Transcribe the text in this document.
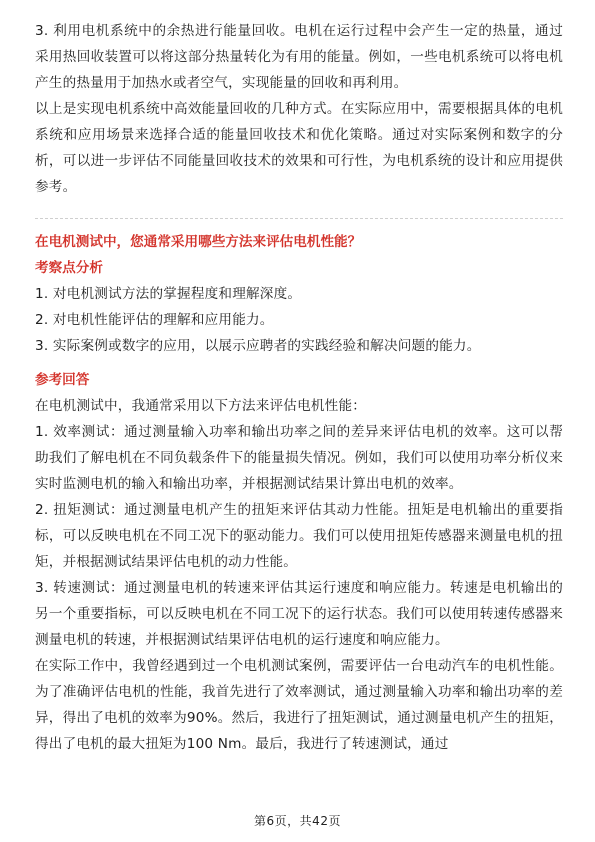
3. 利用电机系统中的余热进行能量回收。电机在运行过程中会产生一定的热量，通过采用热回收装置可以将这部分热量转化为有用的能量。例如，一些电机系统可以将电机产生的热量用于加热水或者空气，实现能量的回收和再利用。

以上是实现电机系统中高效能量回收的几种方式。在实际应用中，需要根据具体的电机系统和应用场景来选择合适的能量回收技术和优化策略。通过对实际案例和数字的分析，可以进一步评估不同能量回收技术的效果和可行性，为电机系统的设计和应用提供参考。

在电机测试中，您通常采用哪些方法来评估电机性能？
考察点分析

1. 对电机测试方法的掌握程度和理解深度。

2. 对电机性能评估的理解和应用能力。

3. 实际案例或数字的应用，以展示应聘者的实践经验和解决问题的能力。

参考回答

在电机测试中，我通常采用以下方法来评估电机性能：

1. 效率测试：通过测量输入功率和输出功率之间的差异来评估电机的效率。这可以帮助我们了解电机在不同负载条件下的能量损失情况。例如，我们可以使用功率分析仪来实时监测电机的输入和输出功率，并根据测试结果计算出电机的效率。

2. 扭矩测试：通过测量电机产生的扭矩来评估其动力性能。扭矩是电机输出的重要指标，可以反映电机在不同工况下的驱动能力。我们可以使用扭矩传感器来测量电机的扭矩，并根据测试结果评估电机的动力性能。

3. 转速测试：通过测量电机的转速来评估其运行速度和响应能力。转速是电机输出的另一个重要指标，可以反映电机在不同工况下的运行状态。我们可以使用转速传感器来测量电机的转速，并根据测试结果评估电机的运行速度和响应能力。

在实际工作中，我曾经遇到过一个电机测试案例，需要评估一台电动汽车的电机性能。为了准确评估电机的性能，我首先进行了效率测试，通过测量输入功率和输出功率的差异，得出了电机的效率为90%。然后，我进行了扭矩测试，通过测量电机产生的扭矩，得出了电机的最大扭矩为100 Nm。最后，我进行了转速测试，通过

第6页，共42页
